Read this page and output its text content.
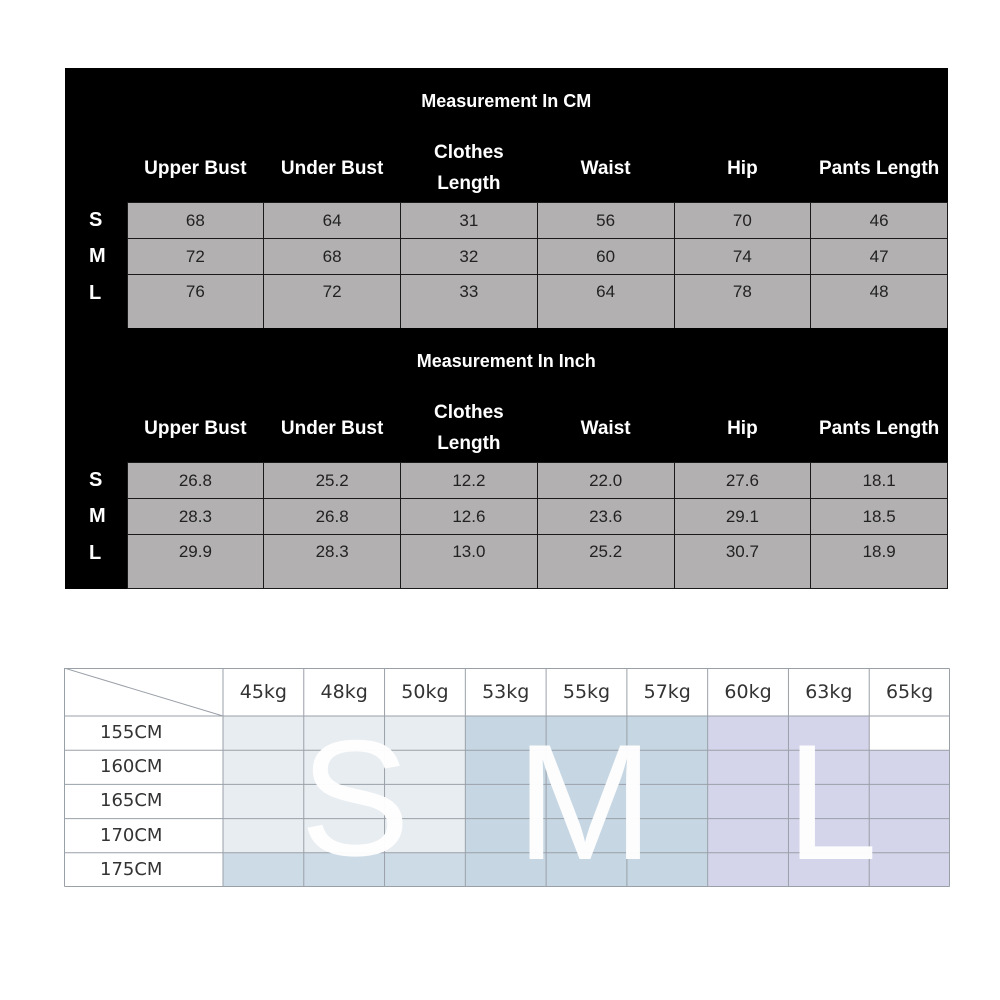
Measurement In CM						
	Upper Bust	Under Bust	Clothes Length	Waist	Hip	Pants Length
S	68	64	31	56	70	46
M	72	68	32	60	74	47
L	76	72	33	64	78	48
Measurement In Inch						
	Upper Bust	Under Bust	Clothes Length	Waist	Hip	Pants Length
S	26.8	25.2	12.2	22.0	27.6	18.1
M	28.3	26.8	12.6	23.6	29.1	18.5
L	29.9	28.3	13.0	25.2	30.7	18.9
45kg	48kg	50kg	53kg	55kg	57kg	60kg	63kg	65kg
155CM
160CM
165CM
170CM
175CM S M L
